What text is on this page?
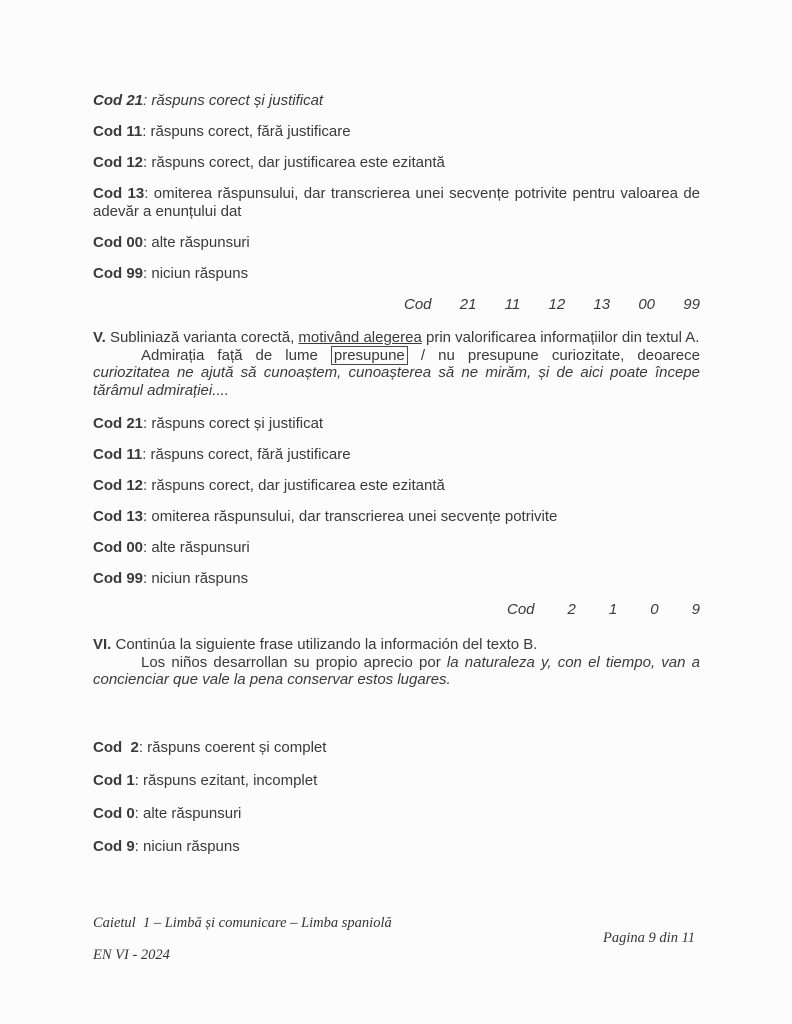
Cod 21: răspuns corect și justificat

Cod 11: răspuns corect, fără justificare

Cod 12: răspuns corect, dar justificarea este ezitantă

Cod 13: omiterea răspunsului, dar transcrierea unei secvențe potrivite pentru valoarea de adevăr a enunțului dat

Cod 00: alte răspunsuri

Cod 99: niciun răspuns

Cod 21 11 12 13 00 99

V. Subliniază varianta corectă, motivând alegerea prin valorificarea informațiilor din textul A.

Admirația față de lume presupune / nu presupune curiozitate, deoarece curiozitatea ne ajută să cunoaștem, cunoașterea să ne mirăm, și de aici poate începe tărâmul admirației....

Cod 21: răspuns corect și justificat

Cod 11: răspuns corect, fără justificare

Cod 12: răspuns corect, dar justificarea este ezitantă

Cod 13: omiterea răspunsului, dar transcrierea unei secvențe potrivite

Cod 00: alte răspunsuri

Cod 99: niciun răspuns

Cod 2 1 0 9

VI. Continúa la siguiente frase utilizando la información del texto B.

Los niños desarrollan su propio aprecio por la naturaleza y, con el tiempo, van a concienciar que vale la pena conservar estos lugares.

Cod  2: răspuns coerent și complet

Cod 1: răspuns ezitant, incomplet

Cod 0: alte răspunsuri

Cod 9: niciun răspuns

Caietul  1 – Limbă și comunicare – Limba spaniolă
Pagina 9 din 11
EN VI - 2024
